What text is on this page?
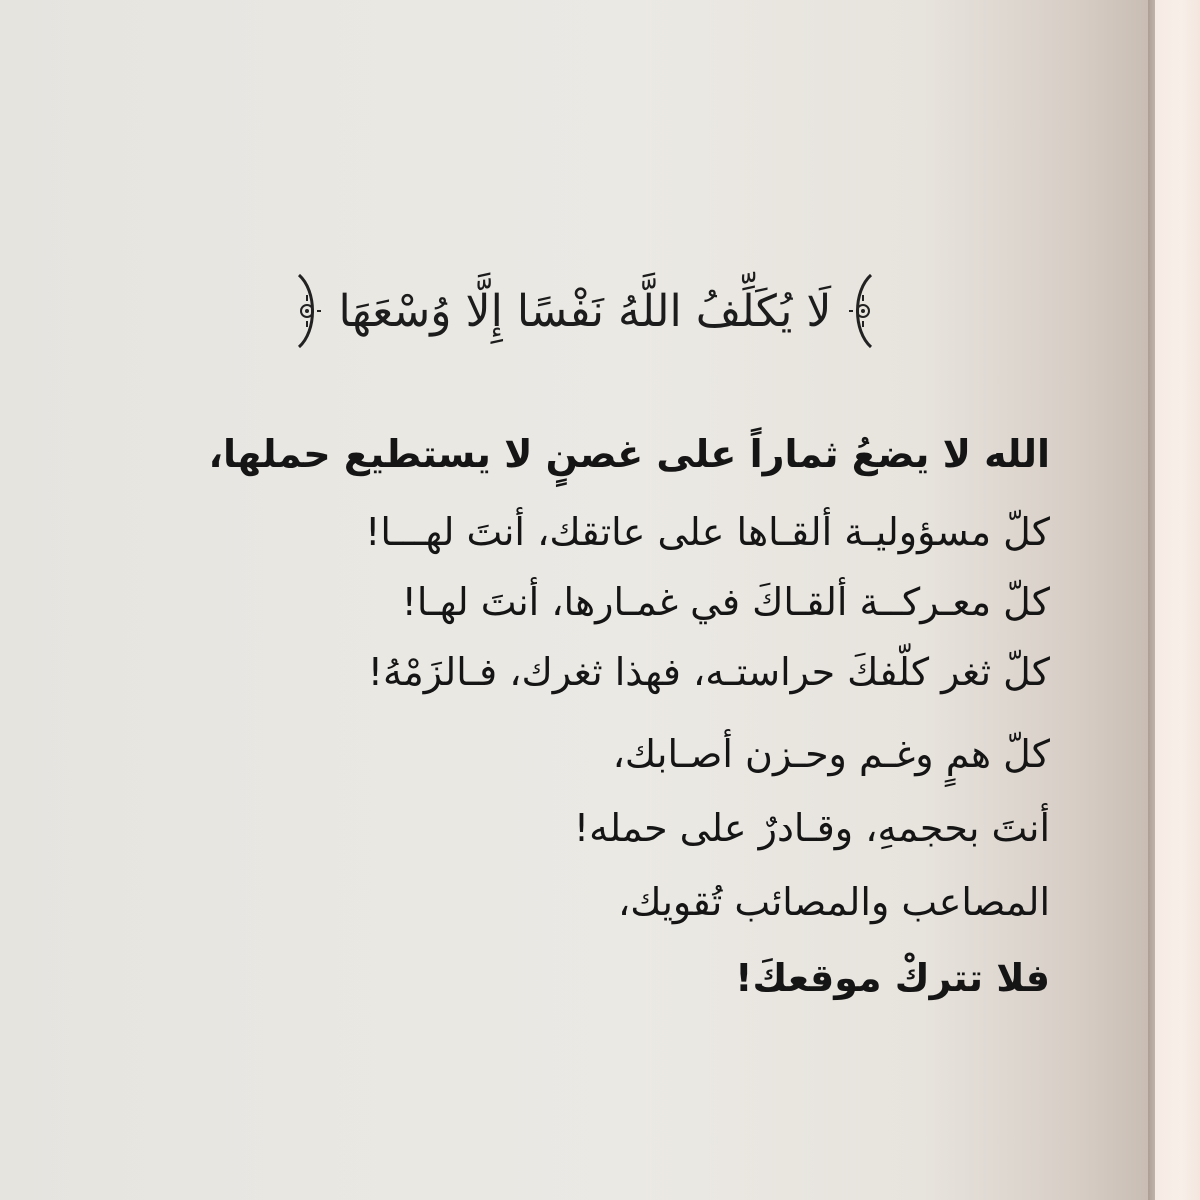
لَا يُكَلِّفُ اللَّهُ نَفْسًا إِلَّا وُسْعَهَا
الله لا يضعُ ثماراً على غصنٍ لا يستطيع حملها،
كلّ مسؤوليـة ألقـاها على عاتقك، أنتَ لهـــا!
كلّ معـركــة ألقـاكَ في غمـارها، أنتَ لهـا!
كلّ ثغر كلّفكَ حراستـه، فهذا ثغرك، فـالزَمْهُ!
كلّ همٍ وغـم وحـزن أصـابك،
أنتَ بحجمهِ، وقـادرٌ على حمله!
المصاعب والمصائب تُقويك،
فلا تتركْ موقعكَ!
